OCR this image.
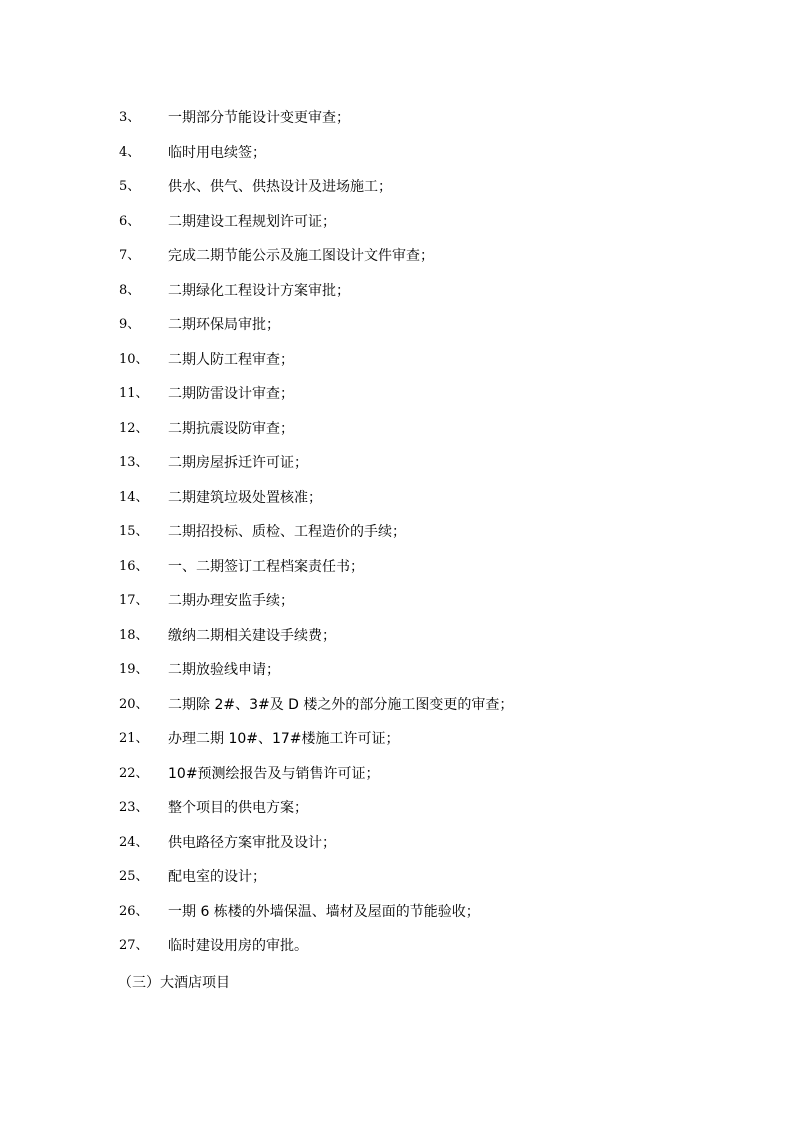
3、 一期部分节能设计变更审查；
4、 临时用电续签；
5、 供水、供气、供热设计及进场施工；
6、 二期建设工程规划许可证；
7、 完成二期节能公示及施工图设计文件审查；
8、 二期绿化工程设计方案审批；
9、 二期环保局审批；
10、 二期人防工程审查；
11、 二期防雷设计审查；
12、 二期抗震设防审查；
13、 二期房屋拆迁许可证；
14、 二期建筑垃圾处置核准；
15、 二期招投标、质检、工程造价的手续；
16、 一、二期签订工程档案责任书；
17、 二期办理安监手续；
18、 缴纳二期相关建设手续费；
19、 二期放验线申请；
20、 二期除 2#、3#及 D 楼之外的部分施工图变更的审查；
21、 办理二期 10#、17#楼施工许可证；
22、 10#预测绘报告及与销售许可证；
23、 整个项目的供电方案；
24、 供电路径方案审批及设计；
25、 配电室的设计；
26、 一期 6 栋楼的外墙保温、墙材及屋面的节能验收；
27、 临时建设用房的审批。
（三）大酒店项目
